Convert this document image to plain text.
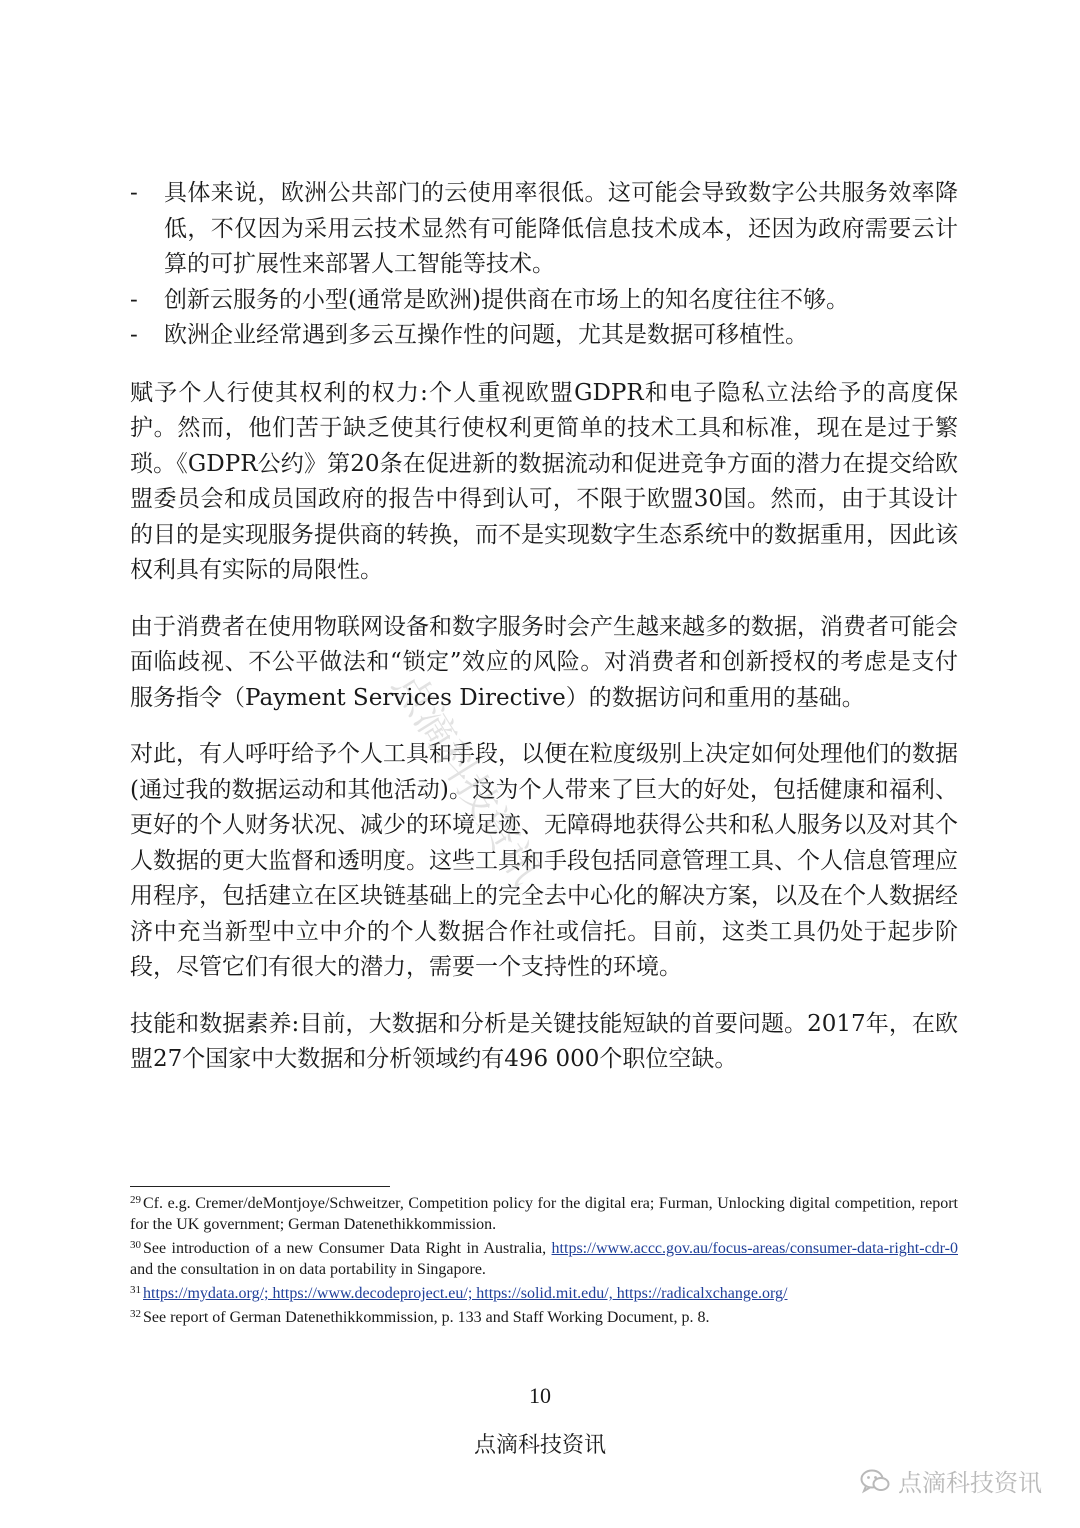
- 具体来说，欧洲公共部门的云使用率很低。这可能会导致数字公共服务效率降低，不仅因为采用云技术显然有可能降低信息技术成本，还因为政府需要云计算的可扩展性来部署人工智能等技术。
- 创新云服务的小型(通常是欧洲)提供商在市场上的知名度往往不够。
- 欧洲企业经常遇到多云互操作性的问题，尤其是数据可移植性。

赋予个人行使其权利的权力:个人重视欧盟GDPR和电子隐私立法给予的高度保护。然而，他们苦于缺乏使其行使权利更简单的技术工具和标准，现在是过于繁琐。《GDPR公约》第20条在促进新的数据流动和促进竞争方面的潜力在提交给欧盟委员会和成员国政府的报告中得到认可，不限于欧盟30国。然而，由于其设计的目的是实现服务提供商的转换，而不是实现数字生态系统中的数据重用，因此该权利具有实际的局限性。

由于消费者在使用物联网设备和数字服务时会产生越来越多的数据，消费者可能会面临歧视、不公平做法和“锁定”效应的风险。对消费者和创新授权的考虑是支付服务指令（Payment Services Directive）的数据访问和重用的基础。

对此，有人呼吁给予个人工具和手段，以便在粒度级别上决定如何处理他们的数据(通过我的数据运动和其他活动)。这为个人带来了巨大的好处，包括健康和福利、更好的个人财务状况、减少的环境足迹、无障碍地获得公共和私人服务以及对其个人数据的更大监督和透明度。这些工具和手段包括同意管理工具、个人信息管理应用程序，包括建立在区块链基础上的完全去中心化的解决方案，以及在个人数据经济中充当新型中立中介的个人数据合作社或信托。目前，这类工具仍处于起步阶段，尽管它们有很大的潜力，需要一个支持性的环境。

技能和数据素养:目前，大数据和分析是关键技能短缺的首要问题。2017年，在欧盟27个国家中大数据和分析领域约有496 000个职位空缺。

点滴科技资讯

$^{29}$ Cf. e.g. Cremer/deMontjoye/Schweitzer, Competition policy for the digital era; Furman, Unlocking digital competition, report for the UK government; German Datenethikkommission.

$^{30}$ See introduction of a new Consumer Data Right in Australia, https://www.accc.gov.au/focus-areas/consumer-data-right-cdr-0 and the consultation in on data portability in Singapore.

$^{31}$ https://mydata.org/; https://www.decodeproject.eu/; https://solid.mit.edu/, https://radicalxchange.org/

$^{32}$ See report of German Datenethikkommission, p. 133 and Staff Working Document, p. 8.

10
点滴科技资讯
点滴科技资讯
